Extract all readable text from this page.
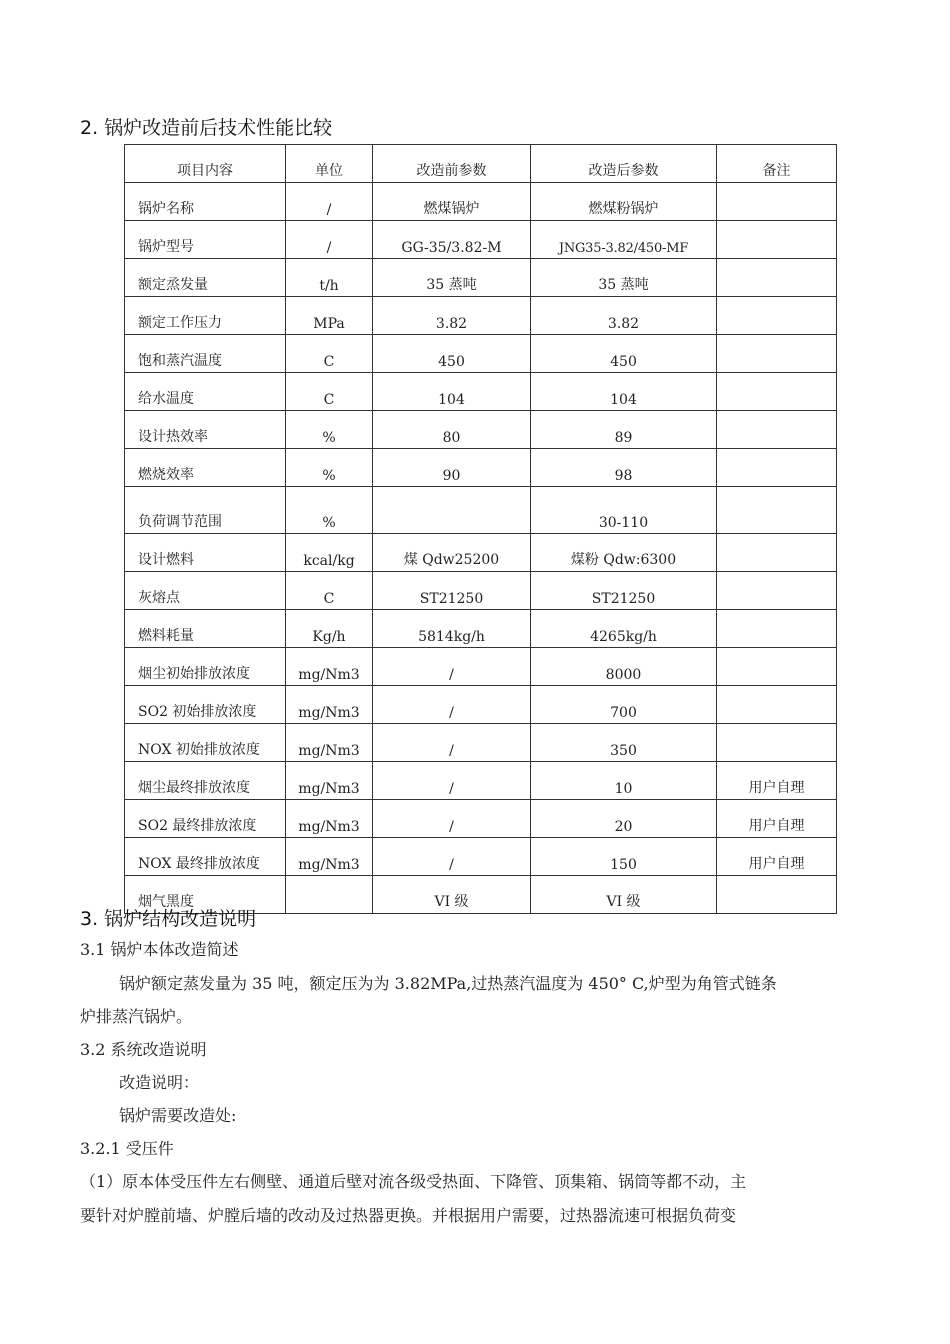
2. 锅炉改造前后技术性能比较
项目内容	单位	改造前参数	改造后参数	备注
锅炉名称	/	燃煤锅炉	燃煤粉锅炉	
锅炉型号	/	GG-35/3.82-M	JNG35-3.82/450-MF	
额定烝发量	t/h	35 蒸吨	35 蒸吨	
额定工作压力	MPa	3.82	3.82	
饱和蒸汽温度	C	450	450	
给水温度	C	104	104	
设计热效率	%	80	89	
燃烧效率	%	90	98	
负荷调节范围	%		30-110	
设计燃料	kcal/kg	煤 Qdw25200	煤粉 Qdw:6300	
灰熔点	C	ST21250	ST21250	
燃料耗量	Kg/h	5814kg/h	4265kg/h	
烟尘初始排放浓度	mg/Nm3	/	8000	
SO2 初始排放浓度	mg/Nm3	/	700	
NOX 初始排放浓度	mg/Nm3	/	350	
烟尘最终排放浓度	mg/Nm3	/	10	用户自理
SO2 最终排放浓度	mg/Nm3	/	20	用户自理
NOX 最终排放浓度	mg/Nm3	/	150	用户自理
烟气黑度		VI 级	VI 级	
3. 锅炉结构改造说明
3.1 锅炉本体改造简述
锅炉额定蒸发量为 35 吨，额定压为为 3.82MPa,过热蒸汽温度为 450° C,炉型为角管式链条
炉排蒸汽锅炉。
3.2 系统改造说明
改造说明：
锅炉需要改造处:
3.2.1 受压件
（1）原本体受压件左右侧壁、通道后壁对流各级受热面、下降管、顶集箱、锅筒等都不动，主
要针对炉膛前墙、炉膛后墙的改动及过热器更换。并根据用户需要，过热器流速可根据负荷变
